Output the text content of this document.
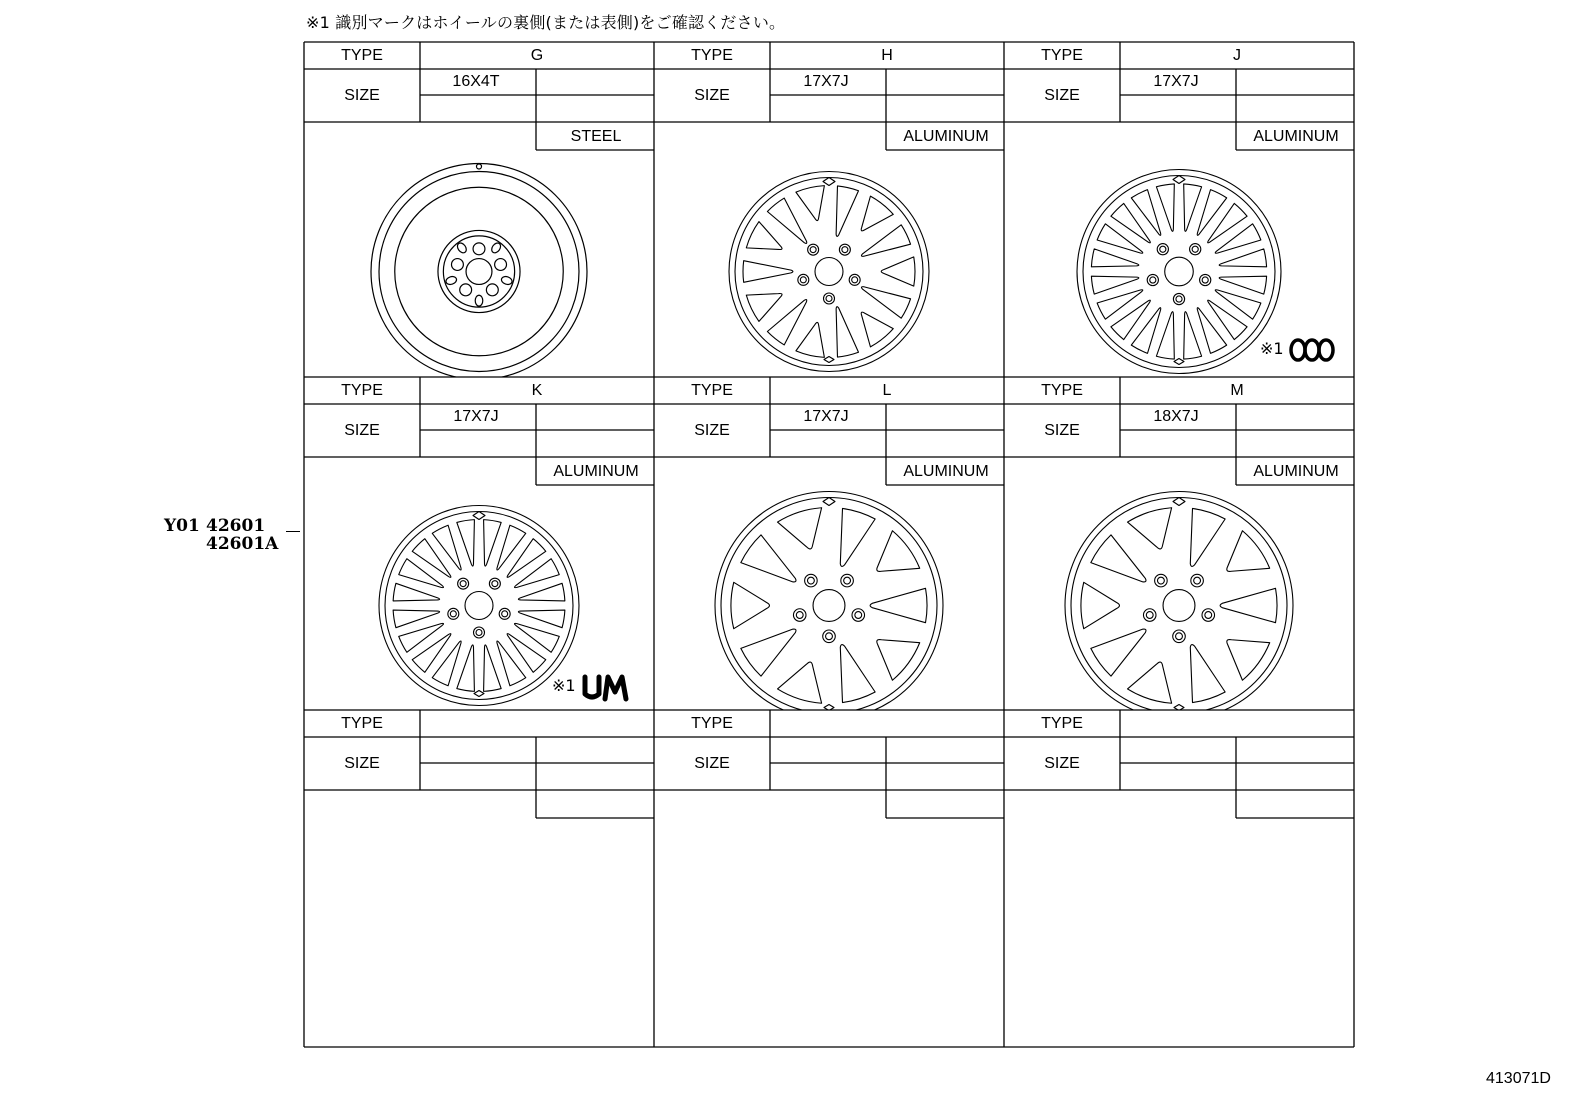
※1 識別マークはホイールの裏側(または表側)をご確認ください。
TYPE
SIZE
G
16X4T
STEEL
TYPE
SIZE
H
17X7J
ALUMINUM
TYPE
SIZE
J
17X7J
ALUMINUM
※1
TYPE
SIZE
K
17X7J
ALUMINUM
※1
TYPE
SIZE
L
17X7J
ALUMINUM
TYPE
SIZE
M
18X7J
ALUMINUM
TYPE
SIZE
TYPE
SIZE
TYPE
SIZE
Y01 42601
42601A
413071D
